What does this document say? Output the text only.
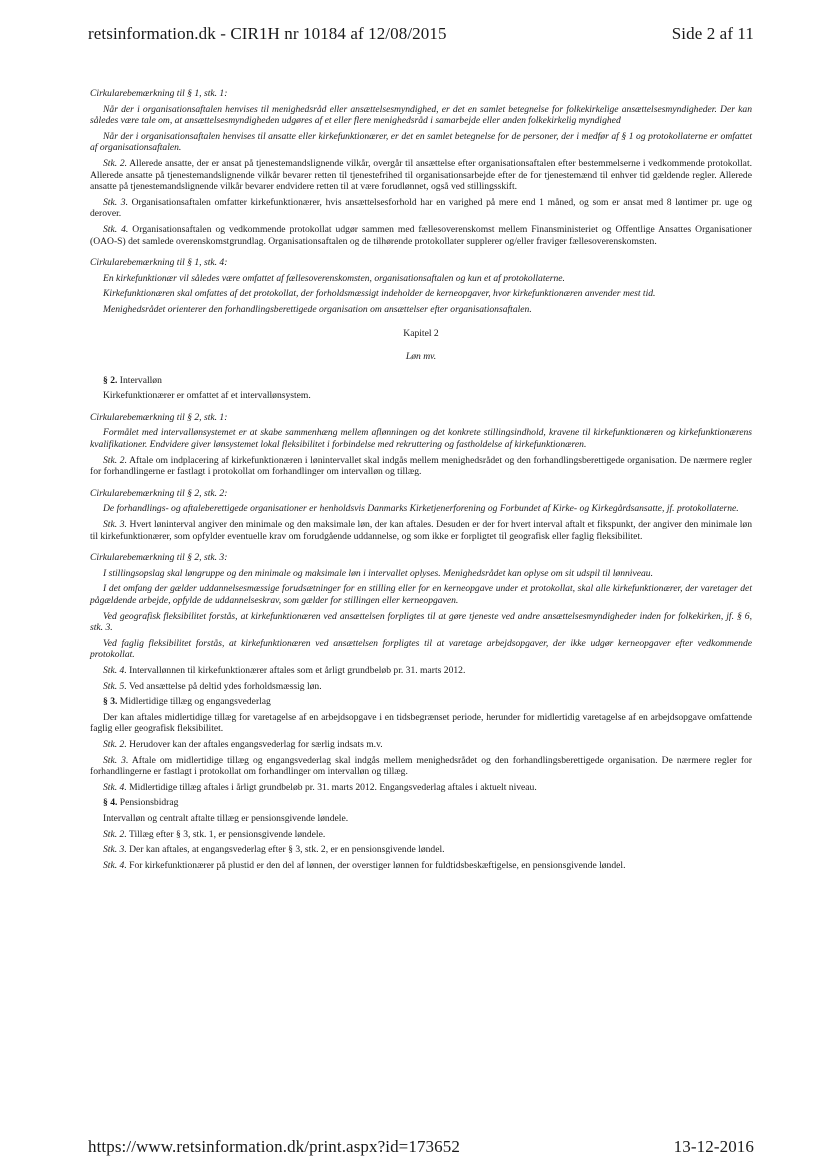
retsinformation.dk - CIR1H nr 10184 af 12/08/2015	Side 2 af 11
Cirkularebemærkning til § 1, stk. 1:

Når der i organisationsaftalen henvises til menighedsråd eller ansættelsesmyndighed, er det en samlet betegnelse for folkekirkelige ansættelsesmyndigheder. Der kan således være tale om, at ansættelsesmyndigheden udgøres af et eller flere menighedsråd i samarbejde eller anden folkekirkelig myndighed

Når der i organisationsaftalen henvises til ansatte eller kirkefunktionærer, er det en samlet betegnelse for de personer, der i medfør af § 1 og protokollaterne er omfattet af organisationsaftalen.

Stk. 2. Allerede ansatte, der er ansat på tjenestemandslignende vilkår, overgår til ansættelse efter organisationsaftalen efter bestemmelserne i vedkommende protokollat. Allerede ansatte på tjenestemandslignende vilkår bevarer retten til tjenestefrihed til organisationsarbejde efter de for tjenestemænd til enhver tid gældende regler. Allerede ansatte på tjenestemandslignende vilkår bevarer endvidere retten til at være forudlønnet, også ved stillingsskift.

Stk. 3. Organisationsaftalen omfatter kirkefunktionærer, hvis ansættelsesforhold har en varighed på mere end 1 måned, og som er ansat med 8 løntimer pr. uge og derover.

Stk. 4. Organisationsaftalen og vedkommende protokollat udgør sammen med fællesoverenskomst mellem Finansministeriet og Offentlige Ansattes Organisationer (OAO-S) det samlede overenskomstgrundlag. Organisationsaftalen og de tilhørende protokollater supplerer og/eller fraviger fællesoverenskomsten.

Cirkularebemærkning til § 1, stk. 4:

En kirkefunktionær vil således være omfattet af fællesoverenskomsten, organisationsaftalen og kun et af protokollaterne.

Kirkefunktionæren skal omfattes af det protokollat, der forholdsmæssigt indeholder de kerneopgaver, hvor kirkefunktionæren anvender mest tid.

Menighedsrådet orienterer den forhandlingsberettigede organisation om ansættelser efter organisationsaftalen.

Kapitel 2
Løn mv.

§ 2. Intervalløn

Kirkefunktionærer er omfattet af et intervallønsystem.

Cirkularebemærkning til § 2, stk. 1:

Formålet med intervallønsystemet er at skabe sammenhæng mellem aflønningen og det konkrete stillingsindhold, kravene til kirkefunktionæren og kirkefunktionærens kvalifikationer. Endvidere giver lønsystemet lokal fleksibilitet i forbindelse med rekruttering og fastholdelse af kirkefunktionæren.

Stk. 2. Aftale om indplacering af kirkefunktionæren i lønintervallet skal indgås mellem menighedsrådet og den forhandlingsberettigede organisation. De nærmere regler for forhandlingerne er fastlagt i protokollat om forhandlinger om intervalløn og tillæg.

Cirkularebemærkning til § 2, stk. 2:

De forhandlings- og aftaleberettigede organisationer er henholdsvis Danmarks Kirketjenerforening og Forbundet af Kirke- og Kirkegårdsansatte, jf. protokollaterne.

Stk. 3. Hvert løninterval angiver den minimale og den maksimale løn, der kan aftales. Desuden er der for hvert interval aftalt et fikspunkt, der angiver den minimale løn til kirkefunktionærer, som opfylder eventuelle krav om forudgående uddannelse, og som ikke er forpligtet til geografisk eller faglig fleksibilitet.

Cirkularebemærkning til § 2, stk. 3:

I stillingsopslag skal løngruppe og den minimale og maksimale løn i intervallet oplyses. Menighedsrådet kan oplyse om sit udspil til lønniveau.

I det omfang der gælder uddannelsesmæssige forudsætninger for en stilling eller for en kerneopgave under et protokollat, skal alle kirkefunktionærer, der varetager det pågældende arbejde, opfylde de uddannelseskrav, som gælder for stillingen eller kerneopgaven.

Ved geografisk fleksibilitet forstås, at kirkefunktionæren ved ansættelsen forpligtes til at gøre tjeneste ved andre ansættelsesmyndigheder inden for folkekirken, jf. § 6, stk. 3.

Ved faglig fleksibilitet forstås, at kirkefunktionæren ved ansættelsen forpligtes til at varetage arbejdsopgaver, der ikke udgør kerneopgaver efter vedkommende protokollat.

Stk. 4. Intervallønnen til kirkefunktionærer aftales som et årligt grundbeløb pr. 31. marts 2012.

Stk. 5. Ved ansættelse på deltid ydes forholdsmæssig løn.

§ 3. Midlertidige tillæg og engangsvederlag

Der kan aftales midlertidige tillæg for varetagelse af en arbejdsopgave i en tidsbegrænset periode, herunder for midlertidig varetagelse af en arbejdsopgave omfattende faglig eller geografisk fleksibilitet.

Stk. 2. Herudover kan der aftales engangsvederlag for særlig indsats m.v.

Stk. 3. Aftale om midlertidige tillæg og engangsvederlag skal indgås mellem menighedsrådet og den forhandlingsberettigede organisation. De nærmere regler for forhandlingerne er fastlagt i protokollat om forhandlinger om intervalløn og tillæg.

Stk. 4. Midlertidige tillæg aftales i årligt grundbeløb pr. 31. marts 2012. Engangsvederlag aftales i aktuelt niveau.

§ 4. Pensionsbidrag

Intervalløn og centralt aftalte tillæg er pensionsgivende løndele.

Stk. 2. Tillæg efter § 3, stk. 1, er pensionsgivende løndele.

Stk. 3. Der kan aftales, at engangsvederlag efter § 3, stk. 2, er en pensionsgivende løndel.

Stk. 4. For kirkefunktionærer på plustid er den del af lønnen, der overstiger lønnen for fuldtidsbeskæftigelse, en pensionsgivende løndel.

https://www.retsinformation.dk/print.aspx?id=173652	13-12-2016
